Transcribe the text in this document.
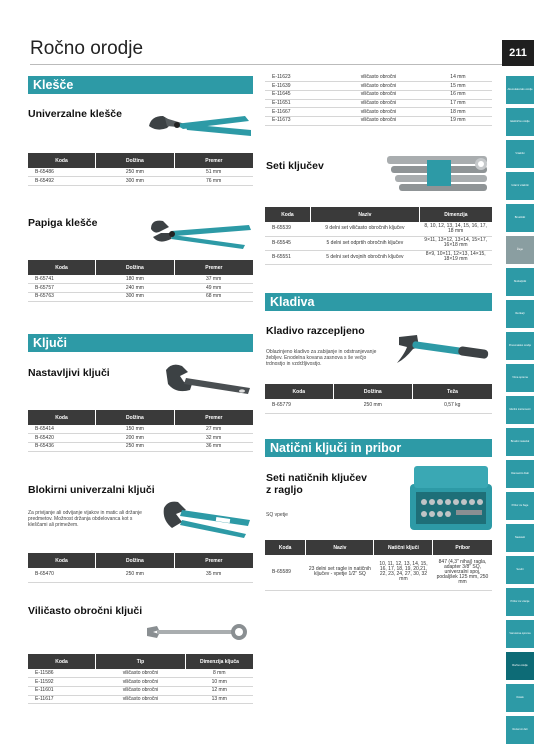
Ročno orodje	211
Akumulatorsko orodje
Električno orodje
Vrtalniki
Udarni vrtalniki
Brusilniki
Žage
Skobeljniki
Rezkarji
Pnevmatsko orodje
Vrtna oprema
Merilni instrumenti
Brusilni material
Diamantni diski
Pribor za žage
Nastavki
Svedri
Pribor za vrtanje
Varnostna oprema
Ročno orodje
Ostalo
Rezervni deli
Klešče
Univerzalne klešče
Koda	Dolžina	Premer
B-65486	250 mm	51 mm
B-65492	300 mm	76 mm
Papiga klešče
Koda	Dolžina	Premer
B-65741	180 mm	37 mm
B-65757	240 mm	49 mm
B-65763	300 mm	68 mm
Ključi
Nastavljivi ključi
Koda	Dolžina	Premer
B-65414	150 mm	27 mm
B-65420	200 mm	32 mm
B-65436	250 mm	36 mm
Blokirni univerzalni ključi
Za privijanje ali odvijanje vijakov in matic ali držanje predmetov. Možnost držanja obdelovanca kot s kleščami ali primežem.
Koda	Dolžina	Premer
B-65470	250 mm	35 mm
Viličasto obročni ključi
Koda	Tip	Dimenzija ključa
E-11586	viličasto obročni	8 mm
E-11592	viličasto obročni	10 mm
E-11601	viličasto obročni	12 mm
E-11617	viličasto obročni	13 mm
E-11623	viličasto obročni	14 mm
E-11639	viličasto obročni	15 mm
E-11645	viličasto obročni	16 mm
E-11651	viličasto obročni	17 mm
E-11667	viličasto obročni	18 mm
E-11673	viličasto obročni	19 mm
Seti ključev
Koda	Naziv	Dimenzija
B-65539	9 delni set viličasto obročnih ključev	8, 10, 12, 13, 14, 15, 16, 17, 18 mm
B-65545	5 delni set odprtih obročnih ključev	9×11, 13×12, 13×14, 15×17, 16×18 mm
B-65551	5 delni set dvojnih obročnih ključev	8×9, 10×11, 12×13, 14×15, 18×19 mm
Kladiva
Kladivo razcepljeno
Oblazinjeno kladivo za zabijanje in odstranjevanje žebljev. Enodelna kovana zasnova s še večjo trdnostjo in vzdržljivostjo.
Koda	Dolžina	Teža
B-65779	250 mm	0,57 kg
Natični ključi in pribor
Seti natičnih ključev
z ragljo
SQ vpetje
Koda	Naziv	Natični ključi	Pribor
B-65589	23 delni set ragle in natičnih ključev - vpetje 1/2" SQ	10, 11, 12, 13, 14, 15, 16, 17, 18, 19, 20,21, 22, 23, 24, 27, 30, 32 mm	847 (4,3" nihaj) ragla, adapter 3/8" SQ, univerzalni spoj, podaljšek 125 mm, 250 mm
